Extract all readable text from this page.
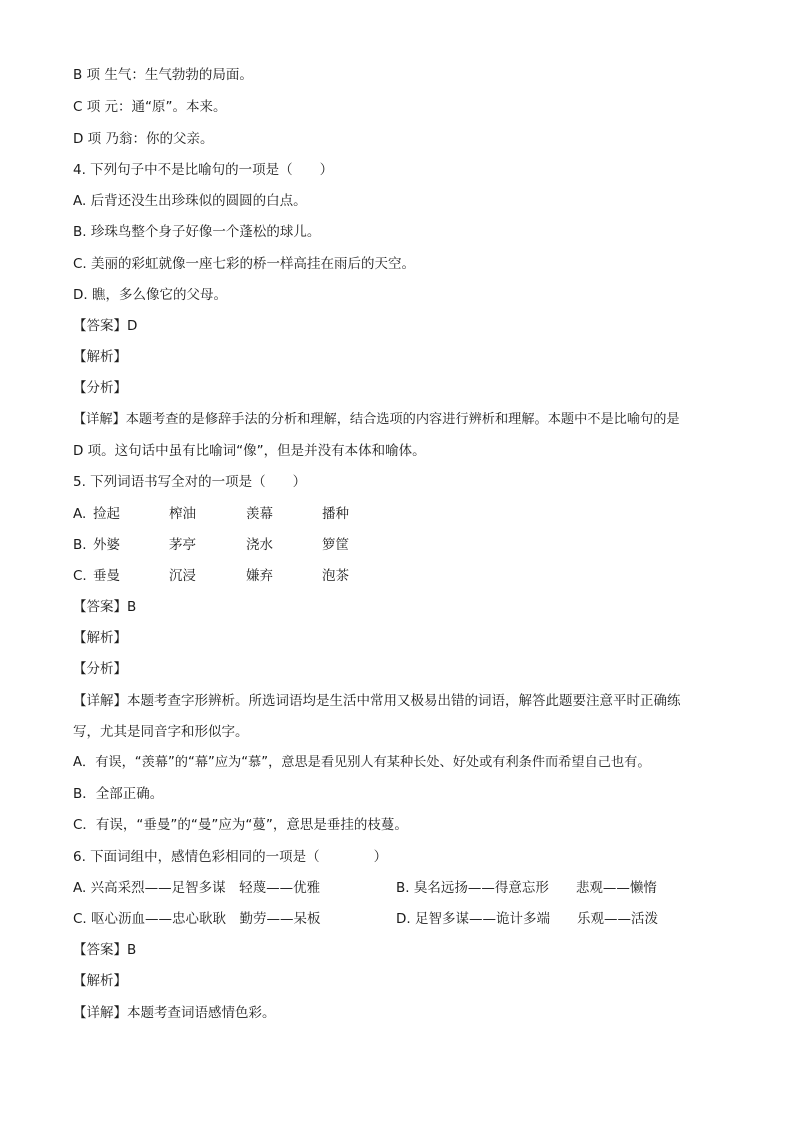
B 项 生气：生气勃勃的局面。
C 项 元：通“原”。本来。
D 项 乃翁：你的父亲。
4. 下列句子中不是比喻句的一项是（　　）
A. 后背还没生出珍珠似的圆圆的白点。
B. 珍珠鸟整个身子好像一个蓬松的球儿。
C. 美丽的彩虹就像一座七彩的桥一样高挂在雨后的天空。
D. 瞧，多么像它的父母。
【答案】D
【解析】
【分析】
【详解】本题考查的是修辞手法的分析和理解，结合选项的内容进行辨析和理解。本题中不是比喻句的是
D 项。这句话中虽有比喻词“像”，但是并没有本体和喻体。
5. 下列词语书写全对的一项是（　　）
A. 捡起	榨油	羡幕	播种
B. 外婆	茅亭	浇水	箩筐
C. 垂曼	沉浸	嫌弃	泡茶
【答案】B
【解析】
【分析】
【详解】本题考查字形辨析。所选词语均是生活中常用又极易出错的词语，解答此题要注意平时正确练
写，尤其是同音字和形似字。
A．有误，“羡幕”的“幕”应为“慕”，意思是看见别人有某种长处、好处或有利条件而希望自己也有。
B．全部正确。
C．有误，“垂曼”的“曼”应为“蔓”，意思是垂挂的枝蔓。
6. 下面词组中，感情色彩相同的一项是（　　　　）
A. 兴高采烈——足智多谋　轻蔑——优雅	B. 臭名远扬——得意忘形　　悲观——懒惰
C. 呕心沥血——忠心耿耿　勤劳——呆板	D. 足智多谋——诡计多端　　乐观——活泼
【答案】B
【解析】
【详解】本题考查词语感情色彩。
